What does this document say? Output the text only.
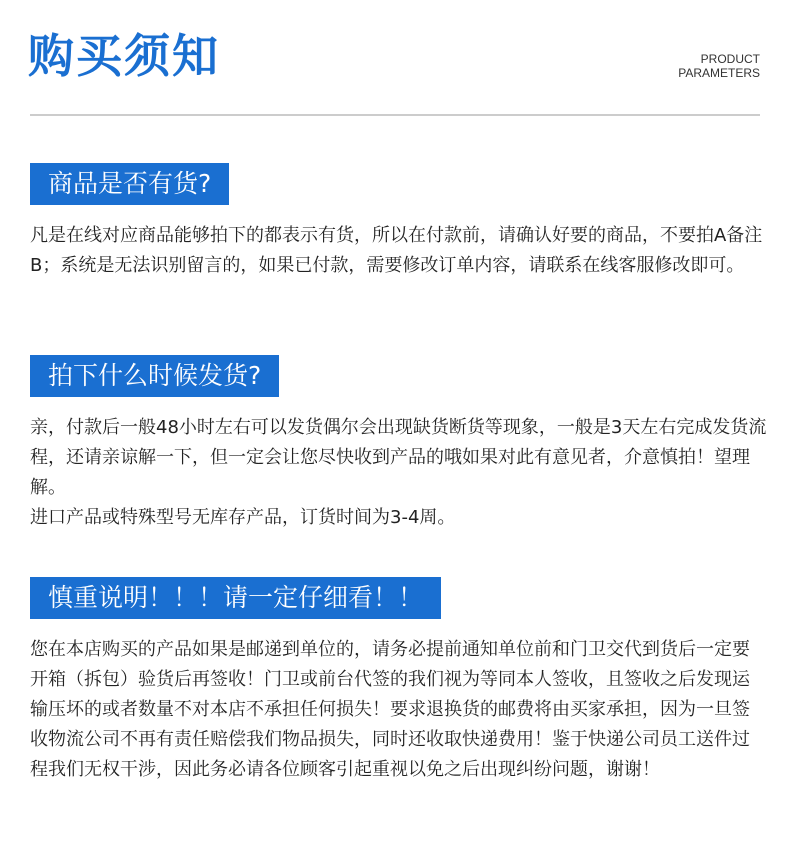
购买须知	PRODUCT
PARAMETERS
商品是否有货?

凡是在线对应商品能够拍下的都表示有货，所以在付款前，请确认好要的商品，不要拍A备注B；系统是无法识别留言的，如果已付款，需要修改订单内容，请联系在线客服修改即可。

拍下什么时候发货?

亲，付款后一般48小时左右可以发货偶尔会出现缺货断货等现象，一般是3天左右完成发货流程，还请亲谅解一下，但一定会让您尽快收到产品的哦如果对此有意见者，介意慎拍！望理解。

进口产品或特殊型号无库存产品，订货时间为3-4周。

慎重说明！！！请一定仔细看！！

您在本店购买的产品如果是邮递到单位的，请务必提前通知单位前和门卫交代到货后一定要开箱（拆包）验货后再签收！门卫或前台代签的我们视为等同本人签收，且签收之后发现运输压坏的或者数量不对本店不承担任何损失！要求退换货的邮费将由买家承担，因为一旦签收物流公司不再有责任赔偿我们物品损失，同时还收取快递费用！鉴于快递公司员工送件过程我们无权干涉，因此务必请各位顾客引起重视以免之后出现纠纷问题，谢谢！
